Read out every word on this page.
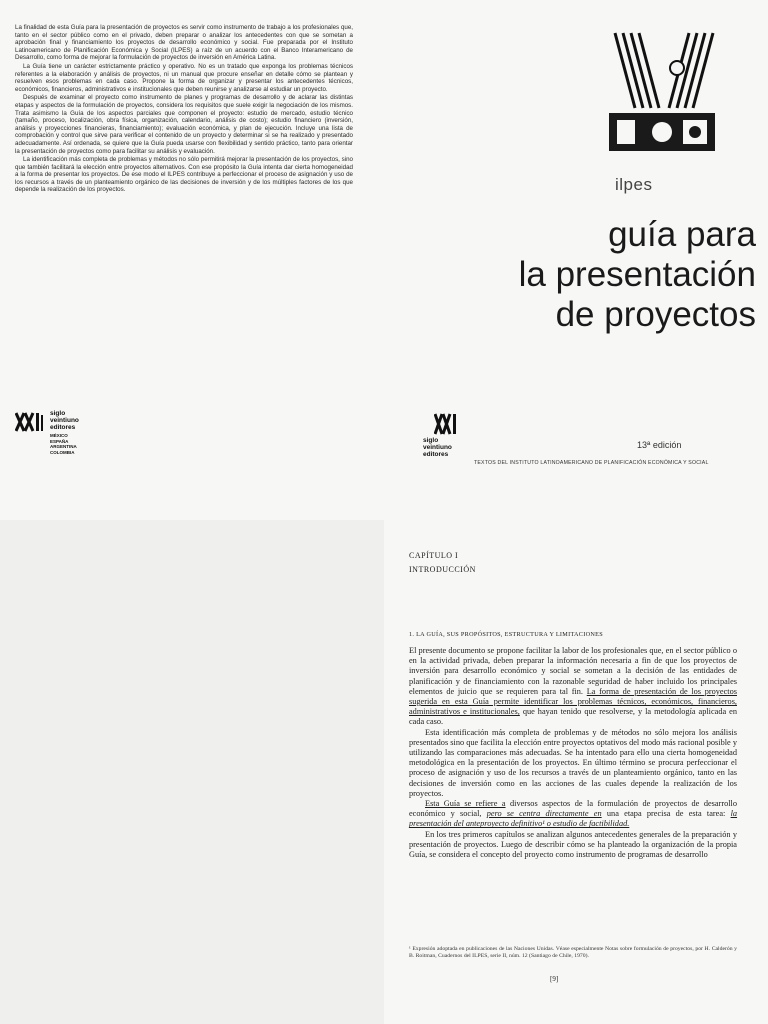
La finalidad de esta Guía para la presentación de proyectos es servir como instrumento de trabajo a los profesionales que, tanto en el sector público como en el privado, deben preparar o analizar los antecedentes con que se sometan a aprobación final y financiamiento los proyectos de desarrollo económico y social. Fue preparada por el Instituto Latinoamericano de Planificación Económica y Social (ILPES) a raíz de un acuerdo con el Banco Interamericano de Desarrollo, como forma de mejorar la formulación de proyectos de inversión en América Latina.

La Guía tiene un carácter estrictamente práctico y operativo. No es un tratado que exponga los problemas técnicos referentes a la elaboración y análisis de proyectos, ni un manual que procure enseñar en detalle cómo se plantean y resuelven esos problemas en cada caso. Propone la forma de organizar y presentar los antecedentes técnicos, económicos, financieros, administrativos e institucionales que deben reunirse y analizarse al estudiar un proyecto.

Después de examinar el proyecto como instrumento de planes y programas de desarrollo y de aclarar las distintas etapas y aspectos de la formulación de proyectos, considera los requisitos que suele exigir la negociación de los mismos. Trata asimismo la Guía de los aspectos parciales que componen el proyecto: estudio de mercado, estudio técnico (tamaño, proceso, localización, obra física, organización, calendario, análisis de costo); estudio financiero (inversión, análisis y proyecciones financieras, financiamiento); evaluación económica, y plan de ejecución. Incluye una lista de comprobación y control que sirve para verificar el contenido de un proyecto y determinar si se ha realizado y presentado adecuadamente. Así ordenada, se quiere que la Guía pueda usarse con flexibilidad y sentido práctico, tanto para orientar la presentación de proyectos como para facilitar su análisis y evaluación.

La identificación más completa de problemas y métodos no sólo permitirá mejorar la presentación de los proyectos, sino que también facilitará la elección entre proyectos alternativos. Con ese propósito la Guía intenta dar cierta homogeneidad a la forma de presentar los proyectos. De ese modo el ILPES contribuye a perfeccionar el proceso de asignación y uso de los recursos a través de un planteamiento orgánico de las decisiones de inversión y de los múltiples factores de los que depende la realización de los proyectos.

siglo
veintiuno
editores
MÉXICO
ESPAÑA
ARGENTINA
COLOMBIA
ilpes
guía para
la presentación
de proyectos
siglo
veintiuno
editores
13ª edición
TEXTOS DEL INSTITUTO LATINOAMERICANO DE PLANIFICACIÓN ECONÓMICA Y SOCIAL
CAPÍTULO I
INTRODUCCIÓN
1. LA GUÍA, SUS PROPÓSITOS, ESTRUCTURA Y LIMITACIONES

El presente documento se propone facilitar la labor de los profesionales que, en el sector público o en la actividad privada, deben preparar la información necesaria a fin de que los proyectos de inversión para desarrollo económico y social se sometan a la decisión de las entidades de planificación y de financiamiento con la razonable seguridad de haber incluido los principales elementos de juicio que se requieren para tal fin. La forma de presentación de los proyectos sugerida en esta Guía permite identificar los problemas técnicos, económicos, financieros, administrativos e institucionales, que hayan tenido que resolverse, y la metodología aplicada en cada caso.

Esta identificación más completa de problemas y de métodos no sólo mejora los análisis presentados sino que facilita la elección entre proyectos optativos del modo más racional posible y utilizando las comparaciones más adecuadas. Se ha intentado para ello una cierta homogeneidad metodológica en la presentación de los proyectos. En último término se procura perfeccionar el proceso de asignación y uso de los recursos a través de un planteamiento orgánico, tanto en las decisiones de inversión como en las acciones de las cuales depende la realización de los proyectos.

Esta Guía se refiere a diversos aspectos de la formulación de proyectos de desarrollo económico y social, pero se centra directamente en una etapa precisa de esta tarea: la presentación del anteproyecto definitivo¹ o estudio de factibilidad.

En los tres primeros capítulos se analizan algunos antecedentes generales de la preparación y presentación de proyectos. Luego de describir cómo se ha planteado la organización de la propia Guía, se considera el concepto del proyecto como instrumento de programas de desarrollo

¹ Expresión adoptada en publicaciones de las Naciones Unidas. Véase especialmente Notas sobre formulación de proyectos, por H. Calderón y B. Roitman, Cuadernos del ILPES, serie II, núm. 12 (Santiago de Chile, 1970).
[9]
